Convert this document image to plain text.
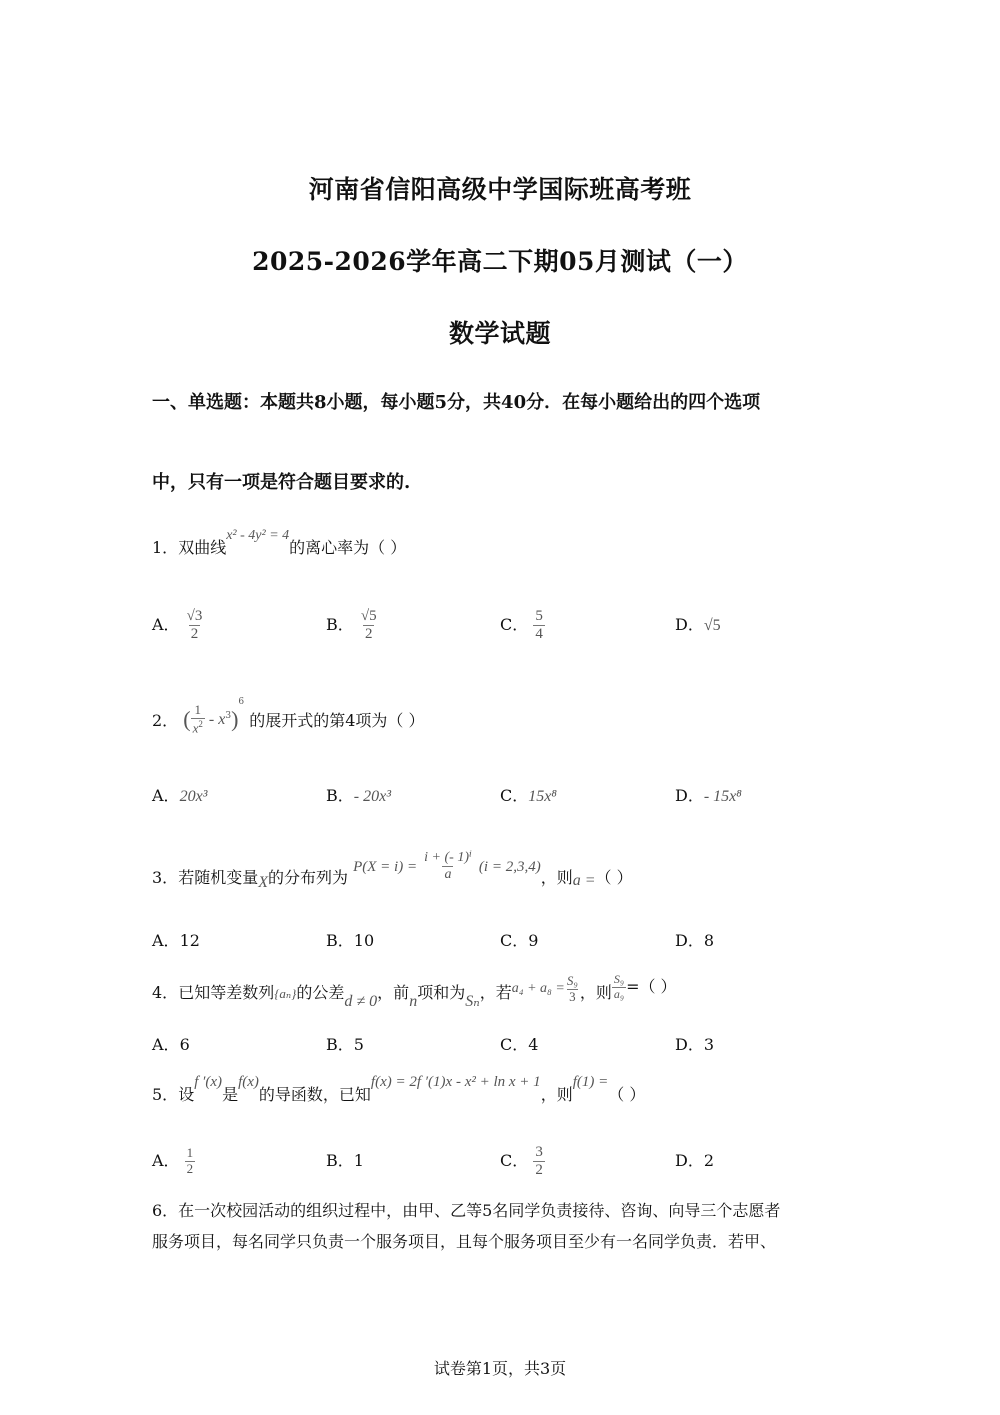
河南省信阳高级中学国际班高考班
2025-2026学年高二下期05月测试（一）
数学试题
一、单选题：本题共8小题，每小题5分，共40分．在每小题给出的四个选项
中，只有一项是符合题目要求的.
1．双曲线x² - 4y² = 4的离心率为（ ）
A． $\frac{√3}{2}$	B． $\frac{√5}{2}$	C． $\frac{5}{4}$	D．√5
2． ( $\frac{1}{x^2} - x^3)^6$ 的展开式的第4项为（ ）
A．20x³	B．- 20x³	C．15x⁸	D．- 15x⁸
3．若随机变量X的分布列为 $P(X = i) = \frac{\text{i + (- 1)ⁱ}}{a} (i = 2,3,4)$，则a =（ ）
A．12	B．10	C．9	D．8
4．已知等差数列$_{\{a_n\}}$的公差d ≠ 0，前n项和为Sₙ，若$a_4 + a_8 = \frac{\text{S₉}}{3}$ ，则 $\frac{\text{S₉}}{\text{a₉}}$ =（ ）
A．6	B．5	C．4	D．3
5．设f ′(x)是f(x)的导函数，已知f(x) = 2f ′(1)x - x² + ln x + 1，则f(1) =（ ）
A． $\frac{1}{2}$	B．1	C． $\frac{3}{2}$	D．2
6．在一次校园活动的组织过程中，由甲、乙等5名同学负责接待、咨询、向导三个志愿者
服务项目，每名同学只负责一个服务项目，且每个服务项目至少有一名同学负责．若甲、
试卷第1页，共3页
